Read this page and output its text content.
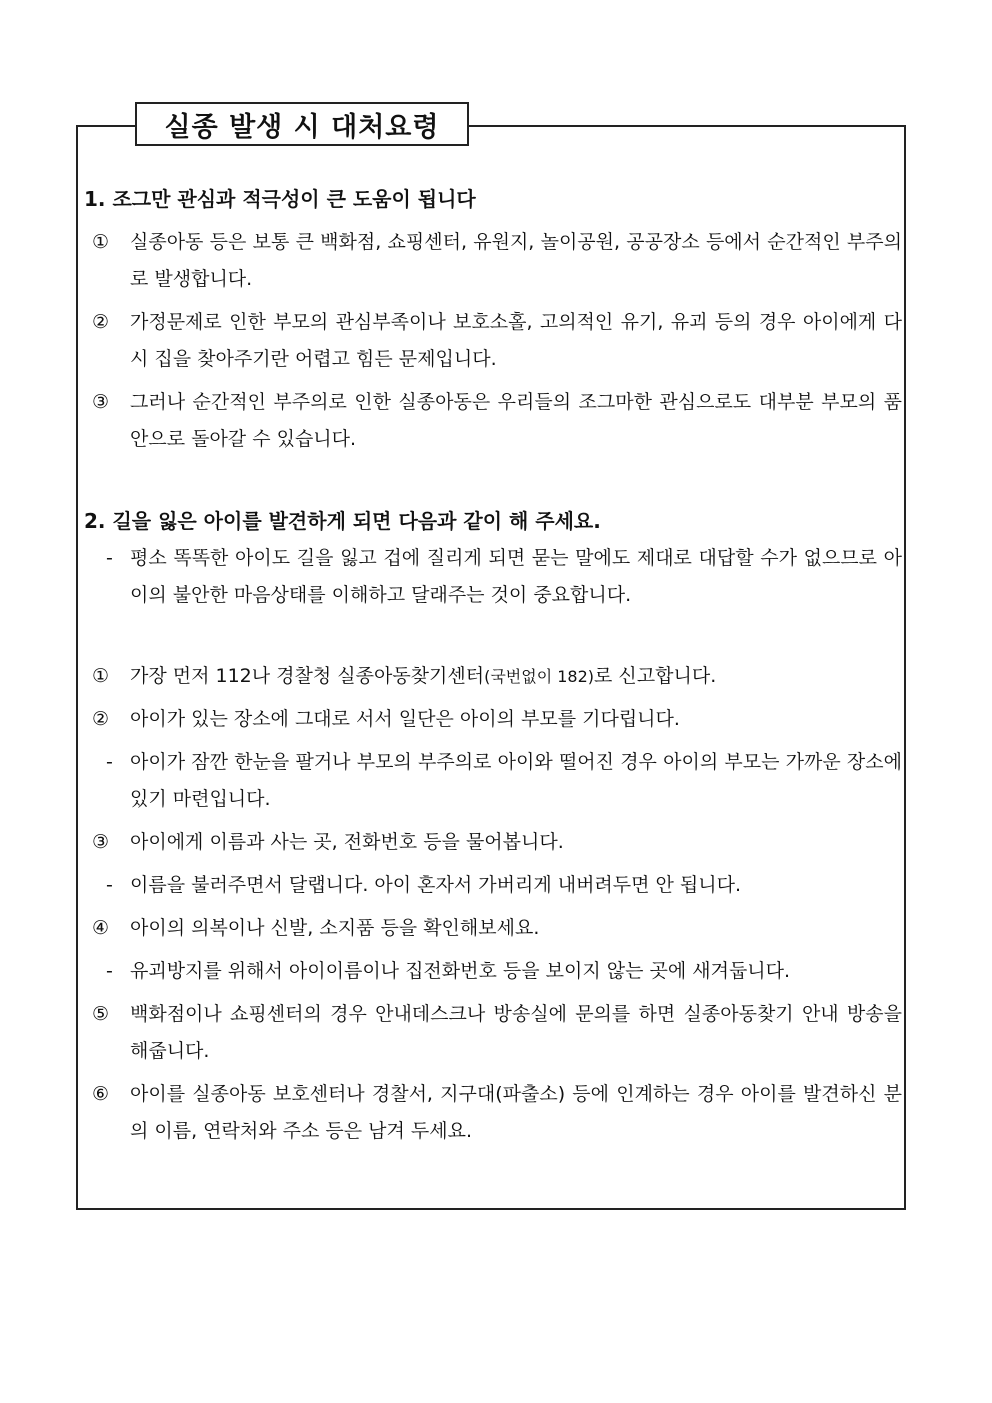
실종 발생 시 대처요령
1. 조그만 관심과 적극성이 큰 도움이 됩니다
①	실종아동 등은 보통 큰 백화점, 쇼핑센터, 유원지, 놀이공원, 공공장소 등에서 순간적인 부주의로 발생합니다.
②	가정문제로 인한 부모의 관심부족이나 보호소홀, 고의적인 유기, 유괴 등의 경우 아이에게 다시 집을 찾아주기란 어렵고 힘든 문제입니다.
③	그러나 순간적인 부주의로 인한 실종아동은 우리들의 조그마한 관심으로도 대부분 부모의 품안으로 돌아갈 수 있습니다.
2. 길을 잃은 아이를 발견하게 되면 다음과 같이 해 주세요.
- 평소 똑똑한 아이도 길을 잃고 겁에 질리게 되면 묻는 말에도 제대로 대답할 수가 없으므로 아이의 불안한 마음상태를 이해하고 달래주는 것이 중요합니다.
①	가장 먼저 112나 경찰청 실종아동찾기센터(국번없이 182)로 신고합니다.
②	아이가 있는 장소에 그대로 서서 일단은 아이의 부모를 기다립니다.
- 아이가 잠깐 한눈을 팔거나 부모의 부주의로 아이와 떨어진 경우 아이의 부모는 가까운 장소에 있기 마련입니다.
③	아이에게 이름과 사는 곳, 전화번호 등을 물어봅니다.
- 이름을 불러주면서 달랩니다. 아이 혼자서 가버리게 내버려두면 안 됩니다.
④	아이의 의복이나 신발, 소지품 등을 확인해보세요.
- 유괴방지를 위해서 아이이름이나 집전화번호 등을 보이지 않는 곳에 새겨둡니다.
⑤	백화점이나 쇼핑센터의 경우 안내데스크나 방송실에 문의를 하면 실종아동찾기 안내 방송을 해줍니다.
⑥	아이를 실종아동 보호센터나 경찰서, 지구대(파출소) 등에 인계하는 경우 아이를 발견하신 분의 이름, 연락처와 주소 등은 남겨 두세요.
